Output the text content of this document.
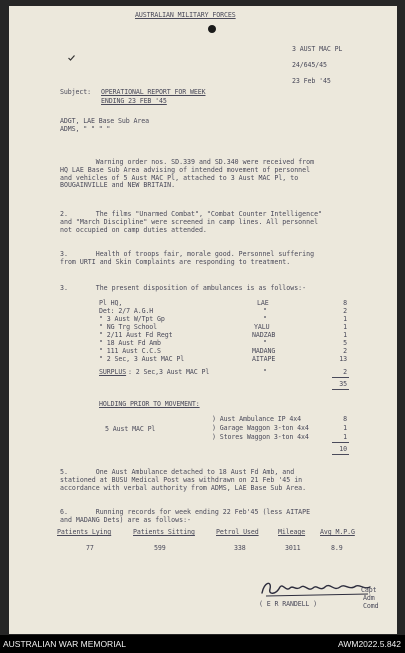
AUSTRALIAN MILITARY FORCES
3 AUST MAC PL
24/645/45
23 Feb '45
Subject: OPERATIONAL REPORT FOR WEEK
ENDING 23 FEB '45
ADGT, LAE Base Sub Area
ADMS, " " " "
Warning order nos. SD.339 and SD.340 were received from
HQ LAE Base Sub Area advising of intended movement of personnel
and vehicles of 5 Aust MAC Pl, attached to 3 Aust MAC Pl, to
BOUGAINVILLE and NEW BRITAIN.
2.       The films "Unarmed Combat", "Combat Counter Intelligence"
and "March Discipline" were screened in camp lines. All personnel
not occupied on camp duties attended.
3.       Health of troops fair, morale good. Personnel suffering
from URTI and Skin Complaints are responding to treatment.
3.       The present disposition of ambulances is as follows:-
Pl HQ,	LAE	8
Det: 2/7 A.G.H	"	2
" 3 Aust W/Tpt Gp	"	1
" NG Trg School	YALU	1
" 2/11 Aust Fd Regt	NADZAB	1
" 18 Aust Fd Amb	"	5
" 111 Aust C.C.S	MADANG	2
" 2 Sec, 3 Aust MAC Pl	AITAPE	13
SURPLUS : 2 Sec,3 Aust MAC Pl	"	2
35
HOLDING PRIOR TO MOVEMENT:
5 Aust MAC Pl
) Aust Ambulance IP 4x4	8
) Garage Waggon 3-ton 4x4	1
) Stores Waggon 3-ton 4x4	1
10
5.       One Aust Ambulance detached to 18 Aust Fd Amb, and
stationed at BUSU Medical Post was withdrawn on 21 Feb '45 in
accordance with verbal authority from ADMS, LAE Base Sub Area.
6.       Running records for week ending 22 Feb'45 (less AITAPE
and MADANG Dets) are as follows:-
Patients Lying	Patients Sitting	Petrol Used	Mileage Avg M.P.G
77	599	338	3011	8.9
( E R RANDELL )
Capt
Adm
Comd
AUSTRALIAN WAR MEMORIAL	AWM2022.5.842
